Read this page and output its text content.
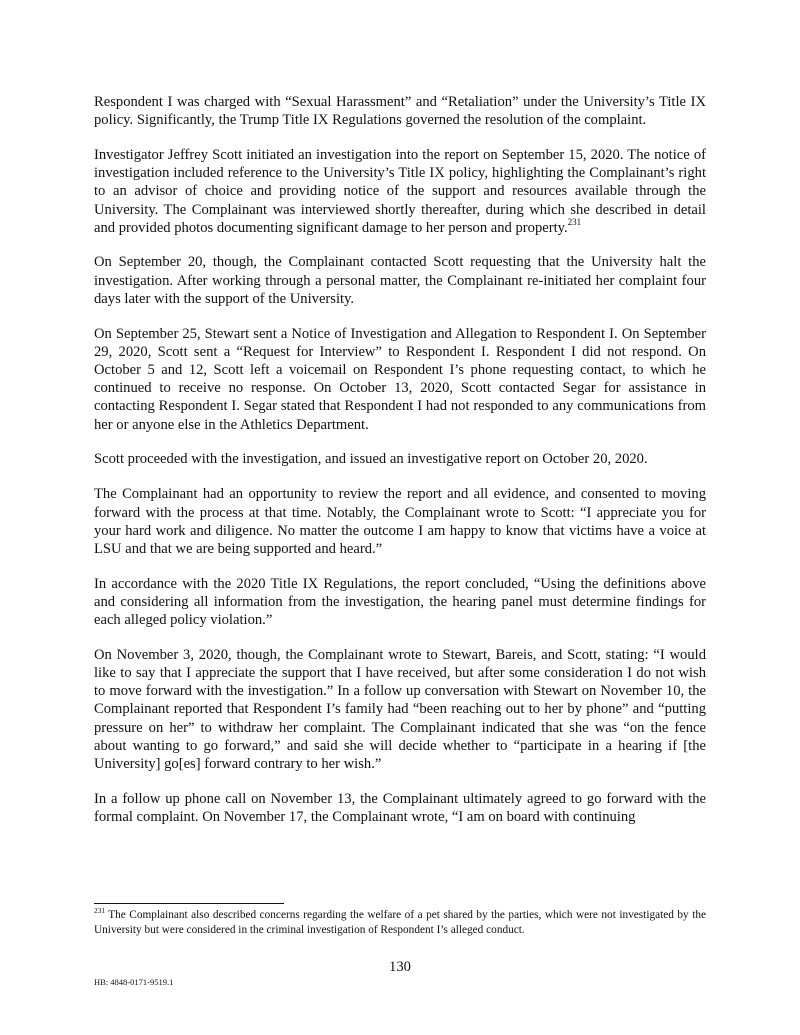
Respondent I was charged with “Sexual Harassment” and “Retaliation” under the University’s Title IX policy. Significantly, the Trump Title IX Regulations governed the resolution of the complaint.

Investigator Jeffrey Scott initiated an investigation into the report on September 15, 2020. The notice of investigation included reference to the University’s Title IX policy, highlighting the Complainant’s right to an advisor of choice and providing notice of the support and resources available through the University. The Complainant was interviewed shortly thereafter, during which she described in detail and provided photos documenting significant damage to her person and property.$^{231}$

On September 20, though, the Complainant contacted Scott requesting that the University halt the investigation. After working through a personal matter, the Complainant re-initiated her complaint four days later with the support of the University.

On September 25, Stewart sent a Notice of Investigation and Allegation to Respondent I. On September 29, 2020, Scott sent a “Request for Interview” to Respondent I. Respondent I did not respond. On October 5 and 12, Scott left a voicemail on Respondent I’s phone requesting contact, to which he continued to receive no response. On October 13, 2020, Scott contacted Segar for assistance in contacting Respondent I. Segar stated that Respondent I had not responded to any communications from her or anyone else in the Athletics Department.

Scott proceeded with the investigation, and issued an investigative report on October 20, 2020.

The Complainant had an opportunity to review the report and all evidence, and consented to moving forward with the process at that time. Notably, the Complainant wrote to Scott: “I appreciate you for your hard work and diligence. No matter the outcome I am happy to know that victims have a voice at LSU and that we are being supported and heard.”

In accordance with the 2020 Title IX Regulations, the report concluded, “Using the definitions above and considering all information from the investigation, the hearing panel must determine findings for each alleged policy violation.”

On November 3, 2020, though, the Complainant wrote to Stewart, Bareis, and Scott, stating: “I would like to say that I appreciate the support that I have received, but after some consideration I do not wish to move forward with the investigation.” In a follow up conversation with Stewart on November 10, the Complainant reported that Respondent I’s family had “been reaching out to her by phone” and “putting pressure on her” to withdraw her complaint. The Complainant indicated that she was “on the fence about wanting to go forward,” and said she will decide whether to “participate in a hearing if [the University] go[es] forward contrary to her wish.”

In a follow up phone call on November 13, the Complainant ultimately agreed to go forward with the formal complaint. On November 17, the Complainant wrote, “I am on board with continuing

$^{231}$ The Complainant also described concerns regarding the welfare of a pet shared by the parties, which were not investigated by the University but were considered in the criminal investigation of Respondent I’s alleged conduct.

130
HB: 4848-0171-9519.1
